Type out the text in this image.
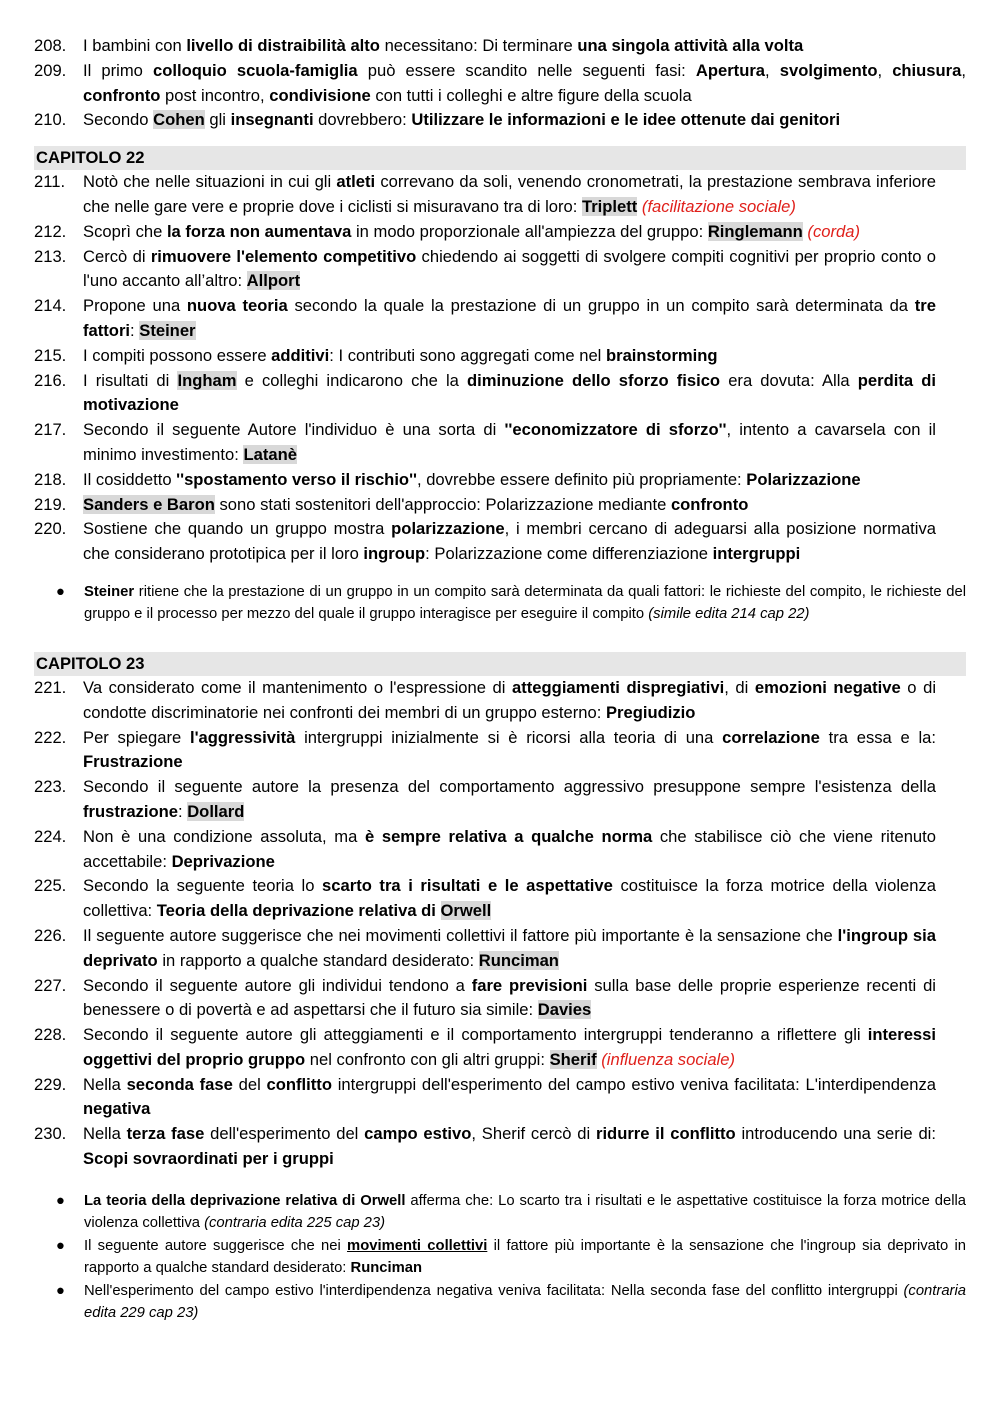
208.	I bambini con livello di distraibilità alto necessitano: Di terminare una singola attività alla volta
209.	Il primo colloquio scuola-famiglia può essere scandito nelle seguenti fasi: Apertura, svolgimento, chiusura, confronto post incontro, condivisione con tutti i colleghi e altre figure della scuola
210.	Secondo Cohen gli insegnanti dovrebbero: Utilizzare le informazioni e le idee ottenute dai genitori
CAPITOLO 22
211.	Notò che nelle situazioni in cui gli atleti correvano da soli, venendo cronometrati, la prestazione sembrava inferiore che nelle gare vere e proprie dove i ciclisti si misuravano tra di loro: Triplett (facilitazione sociale)
212.	Scoprì che la forza non aumentava in modo proporzionale all'ampiezza del gruppo: Ringlemann (corda)
213.	Cercò di rimuovere l'elemento competitivo chiedendo ai soggetti di svolgere compiti cognitivi per proprio conto o l'uno accanto all’altro: Allport
214.	Propone una nuova teoria secondo la quale la prestazione di un gruppo in un compito sarà determinata da tre fattori: Steiner
215.	I compiti possono essere additivi: I contributi sono aggregati come nel brainstorming
216.	I risultati di Ingham e colleghi indicarono che la diminuzione dello sforzo fisico era dovuta: Alla perdita di motivazione
217.	Secondo il seguente Autore l'individuo è una sorta di ''economizzatore di sforzo'', intento a cavarsela con il minimo investimento: Latanè
218.	Il cosiddetto ''spostamento verso il rischio'', dovrebbe essere definito più propriamente: Polarizzazione
219.	Sanders e Baron sono stati sostenitori dell'approccio: Polarizzazione mediante confronto
220.	Sostiene che quando un gruppo mostra polarizzazione, i membri cercano di adeguarsi alla posizione normativa che considerano prototipica per il loro ingroup: Polarizzazione come differenziazione intergruppi
●	Steiner ritiene che la prestazione di un gruppo in un compito sarà determinata da quali fattori: le richieste del compito, le richieste del gruppo e il processo per mezzo del quale il gruppo interagisce per eseguire il compito (simile edita 214 cap 22)
CAPITOLO 23
221.	Va considerato come il mantenimento o l'espressione di atteggiamenti dispregiativi, di emozioni negative o di condotte discriminatorie nei confronti dei membri di un gruppo esterno: Pregiudizio
222.	Per spiegare l'aggressività intergruppi inizialmente si è ricorsi alla teoria di una correlazione tra essa e la: Frustrazione
223.	Secondo il seguente autore la presenza del comportamento aggressivo presuppone sempre l'esistenza della frustrazione: Dollard
224.	Non è una condizione assoluta, ma è sempre relativa a qualche norma che stabilisce ciò che viene ritenuto accettabile: Deprivazione
225.	Secondo la seguente teoria lo scarto tra i risultati e le aspettative costituisce la forza motrice della violenza collettiva: Teoria della deprivazione relativa di Orwell
226.	Il seguente autore suggerisce che nei movimenti collettivi il fattore più importante è la sensazione che l'ingroup sia deprivato in rapporto a qualche standard desiderato: Runciman
227.	Secondo il seguente autore gli individui tendono a fare previsioni sulla base delle proprie esperienze recenti di benessere o di povertà e ad aspettarsi che il futuro sia simile: Davies
228.	Secondo il seguente autore gli atteggiamenti e il comportamento intergruppi tenderanno a riflettere gli interessi oggettivi del proprio gruppo nel confronto con gli altri gruppi: Sherif (influenza sociale)
229.	Nella seconda fase del conflitto intergruppi dell'esperimento del campo estivo veniva facilitata: L'interdipendenza negativa
230.	Nella terza fase dell'esperimento del campo estivo, Sherif cercò di ridurre il conflitto introducendo una serie di: Scopi sovraordinati per i gruppi
●	La teoria della deprivazione relativa di Orwell afferma che: Lo scarto tra i risultati e le aspettative costituisce la forza motrice della violenza collettiva (contraria edita 225 cap 23)
●	Il seguente autore suggerisce che nei movimenti collettivi il fattore più importante è la sensazione che l'ingroup sia deprivato in rapporto a qualche standard desiderato: Runciman
●	Nell'esperimento del campo estivo l'interdipendenza negativa veniva facilitata: Nella seconda fase del conflitto intergruppi (contraria edita 229 cap 23)
